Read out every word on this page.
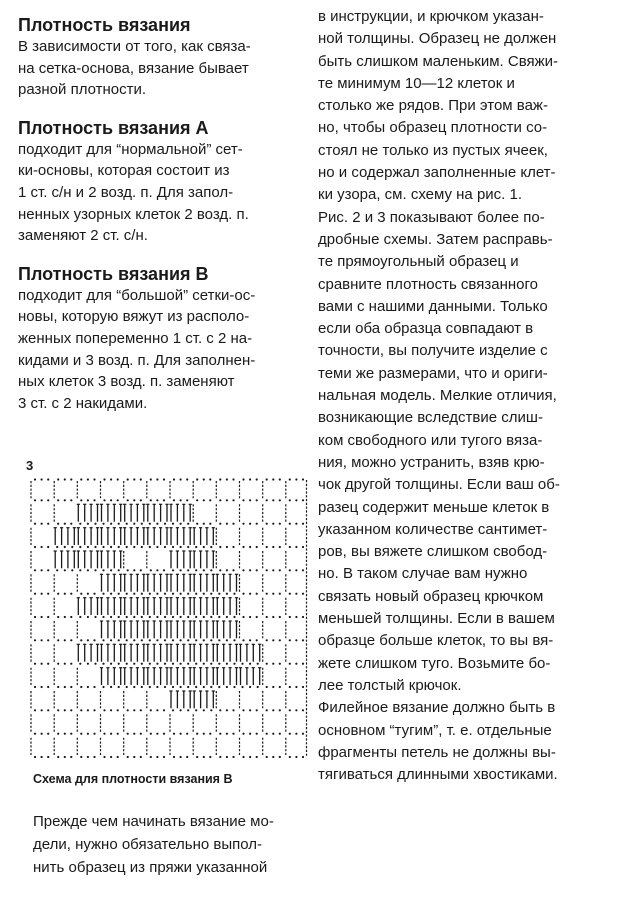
Плотность вязания

В зависимости от того, как связа-
на сетка-основа, вязание бывает
разной плотности.

Плотность вязания А

подходит для “нормальной” сет-
ки-основы, которая состоит из
1 ст. с/н и 2 возд. п. Для запол-
ненных узорных клеток 2 возд. п.
заменяют 2 ст. с/н.

Плотность вязания В

подходит для “большой” сетки-ос-
новы, которую вяжут из располо-
женных попеременно 1 ст. с 2 на-
кидами и 3 возд. п. Для заполнен-
ных клеток 3 возд. п. заменяют
3 ст. с 2 накидами.

3
Схема для плотности вязания В
Прежде чем начинать вязание мо-
дели, нужно обязательно выпол-
нить образец из пряжи указанной
в инструкции, и крючком указан-
ной толщины. Образец не должен
быть слишком маленьким. Свяжи-
те минимум 10—12 клеток и
столько же рядов. При этом важ-
но, чтобы образец плотности со-
стоял не только из пустых ячеек,
но и содержал заполненные клет-
ки узора, см. схему на рис. 1.
Рис. 2 и 3 показывают более по-
дробные схемы. Затем расправь-
те прямоугольный образец и
сравните плотность связанного
вами с нашими данными. Только
если оба образца совпадают в
точности, вы получите изделие с
теми же размерами, что и ориги-
нальная модель. Мелкие отличия,
возникающие вследствие слиш-
ком свободного или тугого вяза-
ния, можно устранить, взяв крю-
чок другой толщины. Если ваш об-
разец содержит меньше клеток в
указанном количестве сантимет-
ров, вы вяжете слишком свобод-
но. В таком случае вам нужно
связать новый образец крючком
меньшей толщины. Если в вашем
образце больше клеток, то вы вя-
жете слишком туго. Возьмите бо-
лее толстый крючок.
Филейное вязание должно быть в
основном “тугим”, т. е. отдельные
фрагменты петель не должны вы-
тягиваться длинными хвостиками.
